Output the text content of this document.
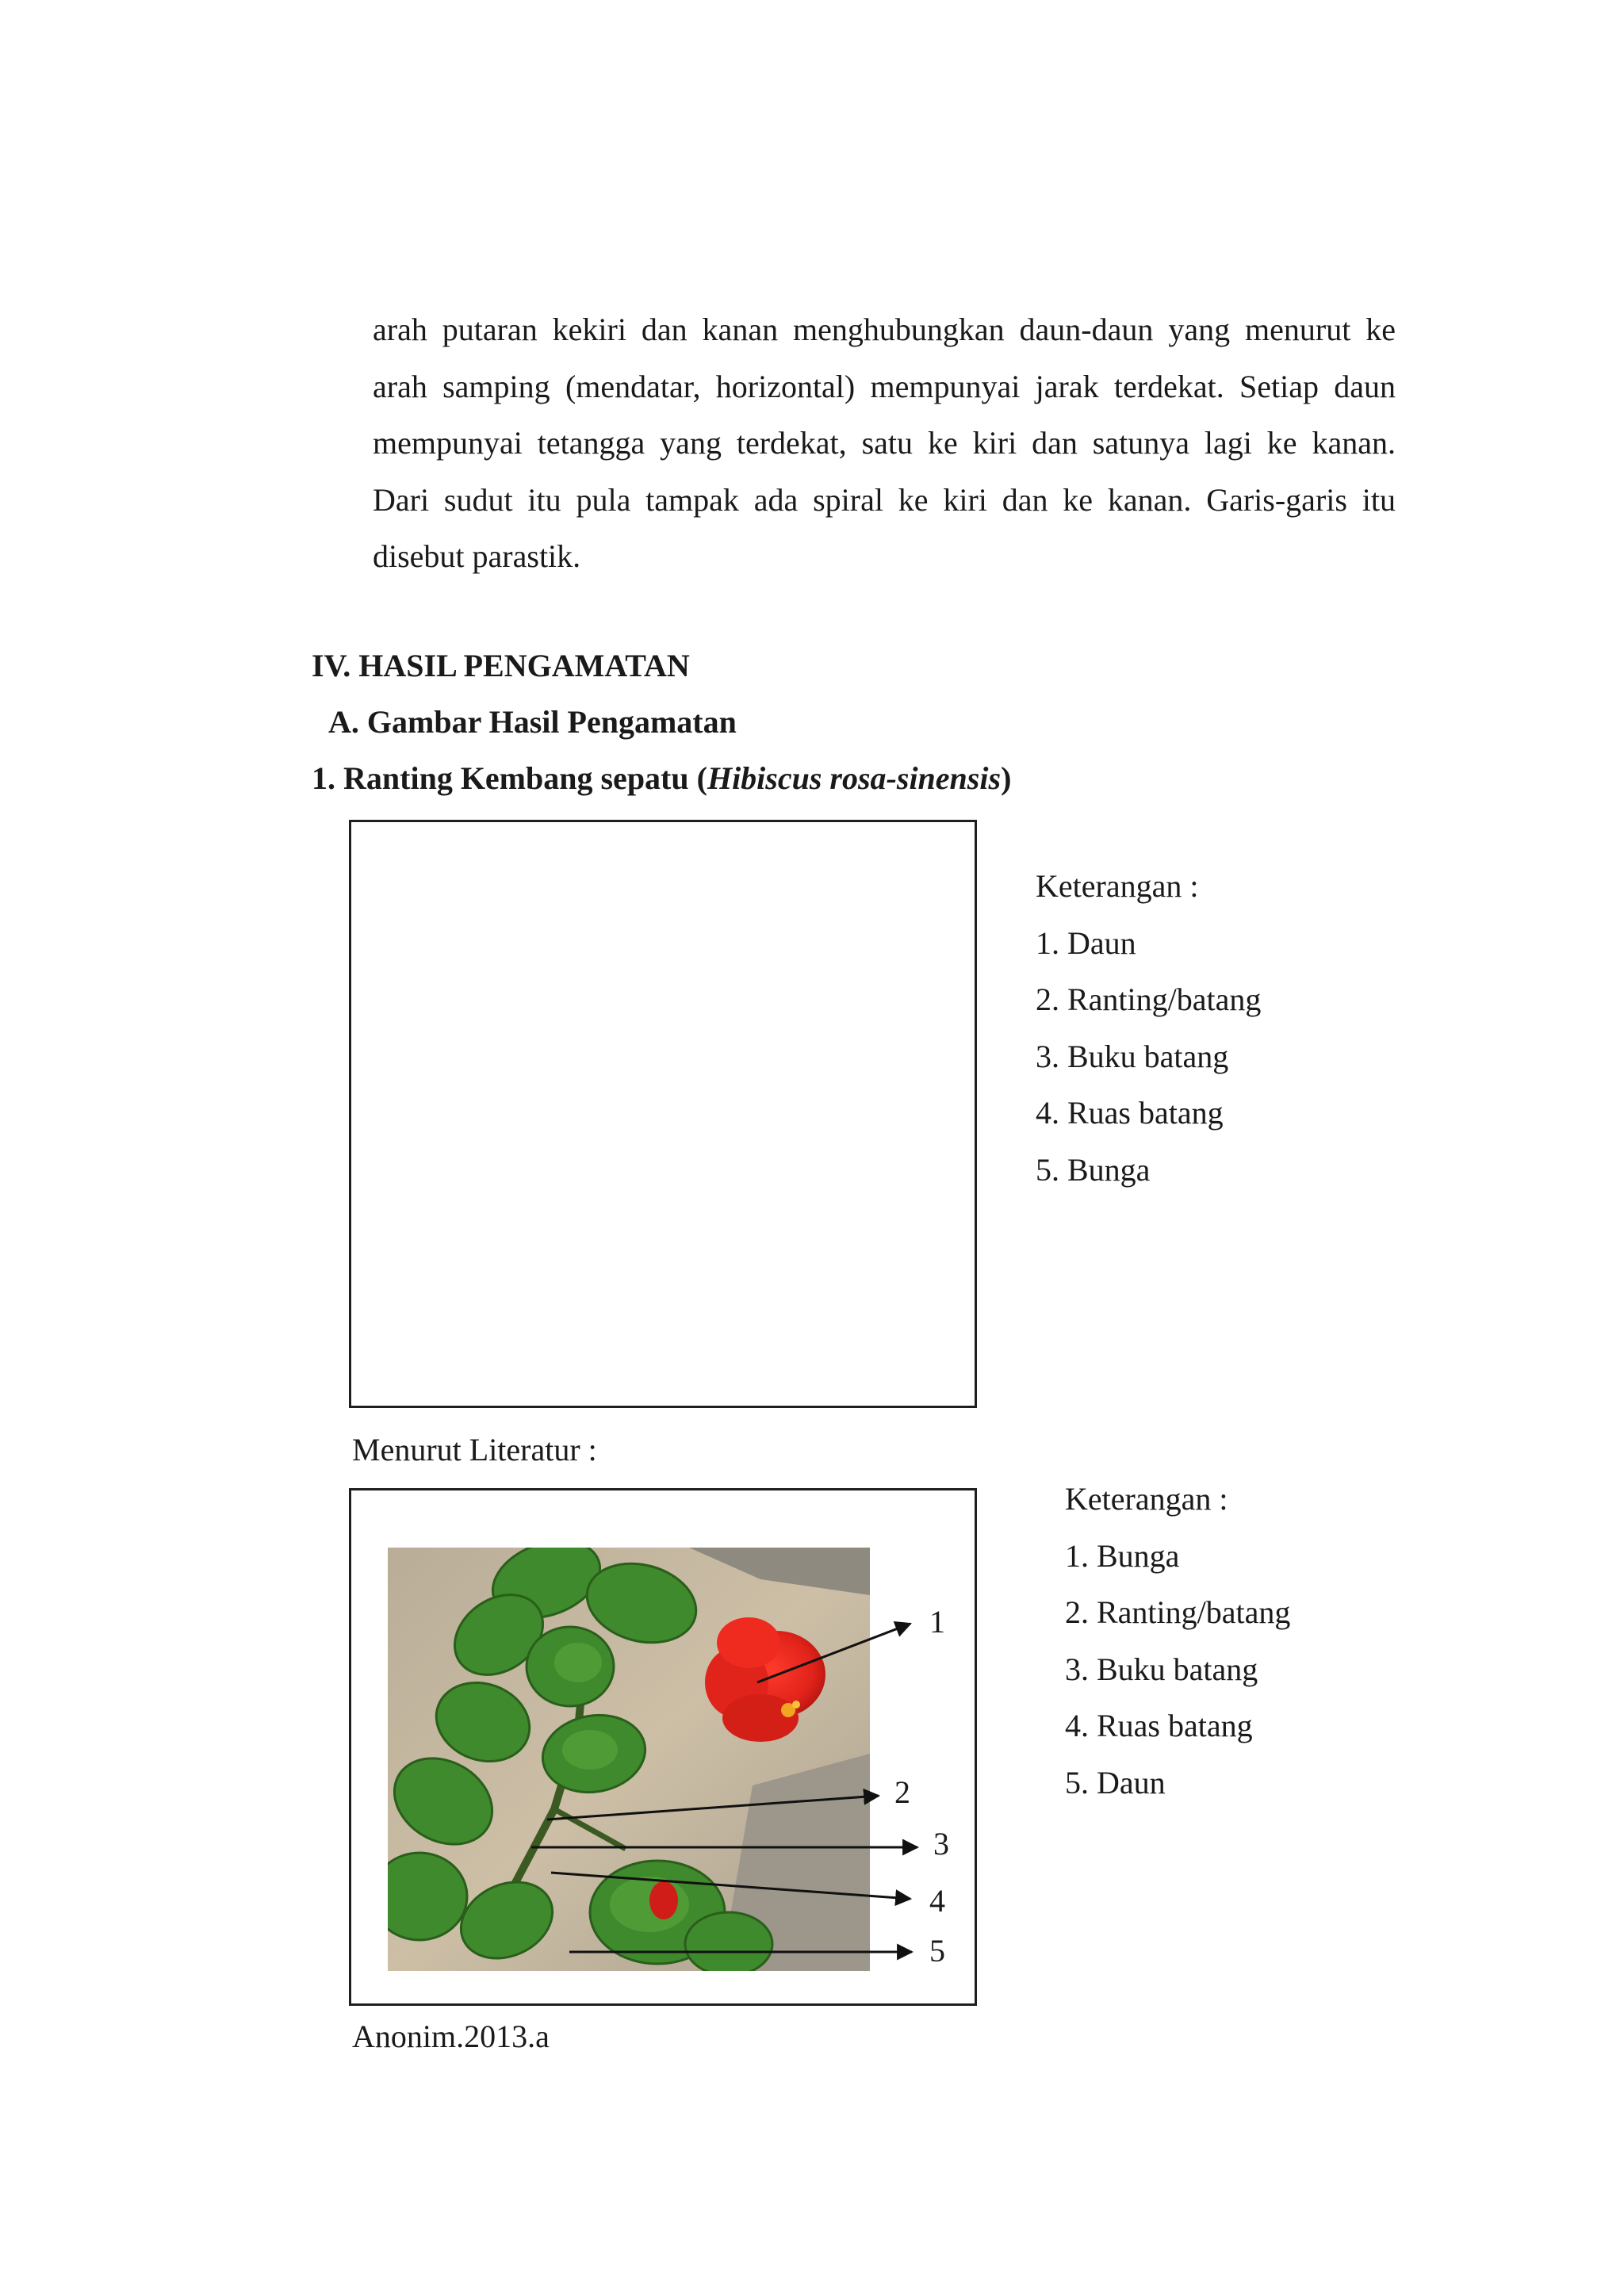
arah putaran kekiri dan kanan menghubungkan daun-daun yang menurut ke
arah samping (mendatar, horizontal) mempunyai jarak terdekat. Setiap daun
mempunyai tetangga yang terdekat, satu ke kiri dan satunya lagi ke kanan.
Dari sudut itu pula tampak ada spiral ke kiri dan ke kanan. Garis-garis itu
disebut parastik.
IV. HASIL PENGAMATAN
A. Gambar Hasil Pengamatan
1. Ranting Kembang sepatu (Hibiscus rosa-sinensis)
Keterangan :
1. Daun
2. Ranting/batang
3. Buku batang
4. Ruas batang
5. Bunga
Menurut Literatur :
1
2
3
4
5
Keterangan :
1. Bunga
2. Ranting/batang
3. Buku batang
4. Ruas batang
5. Daun
Anonim.2013.a
